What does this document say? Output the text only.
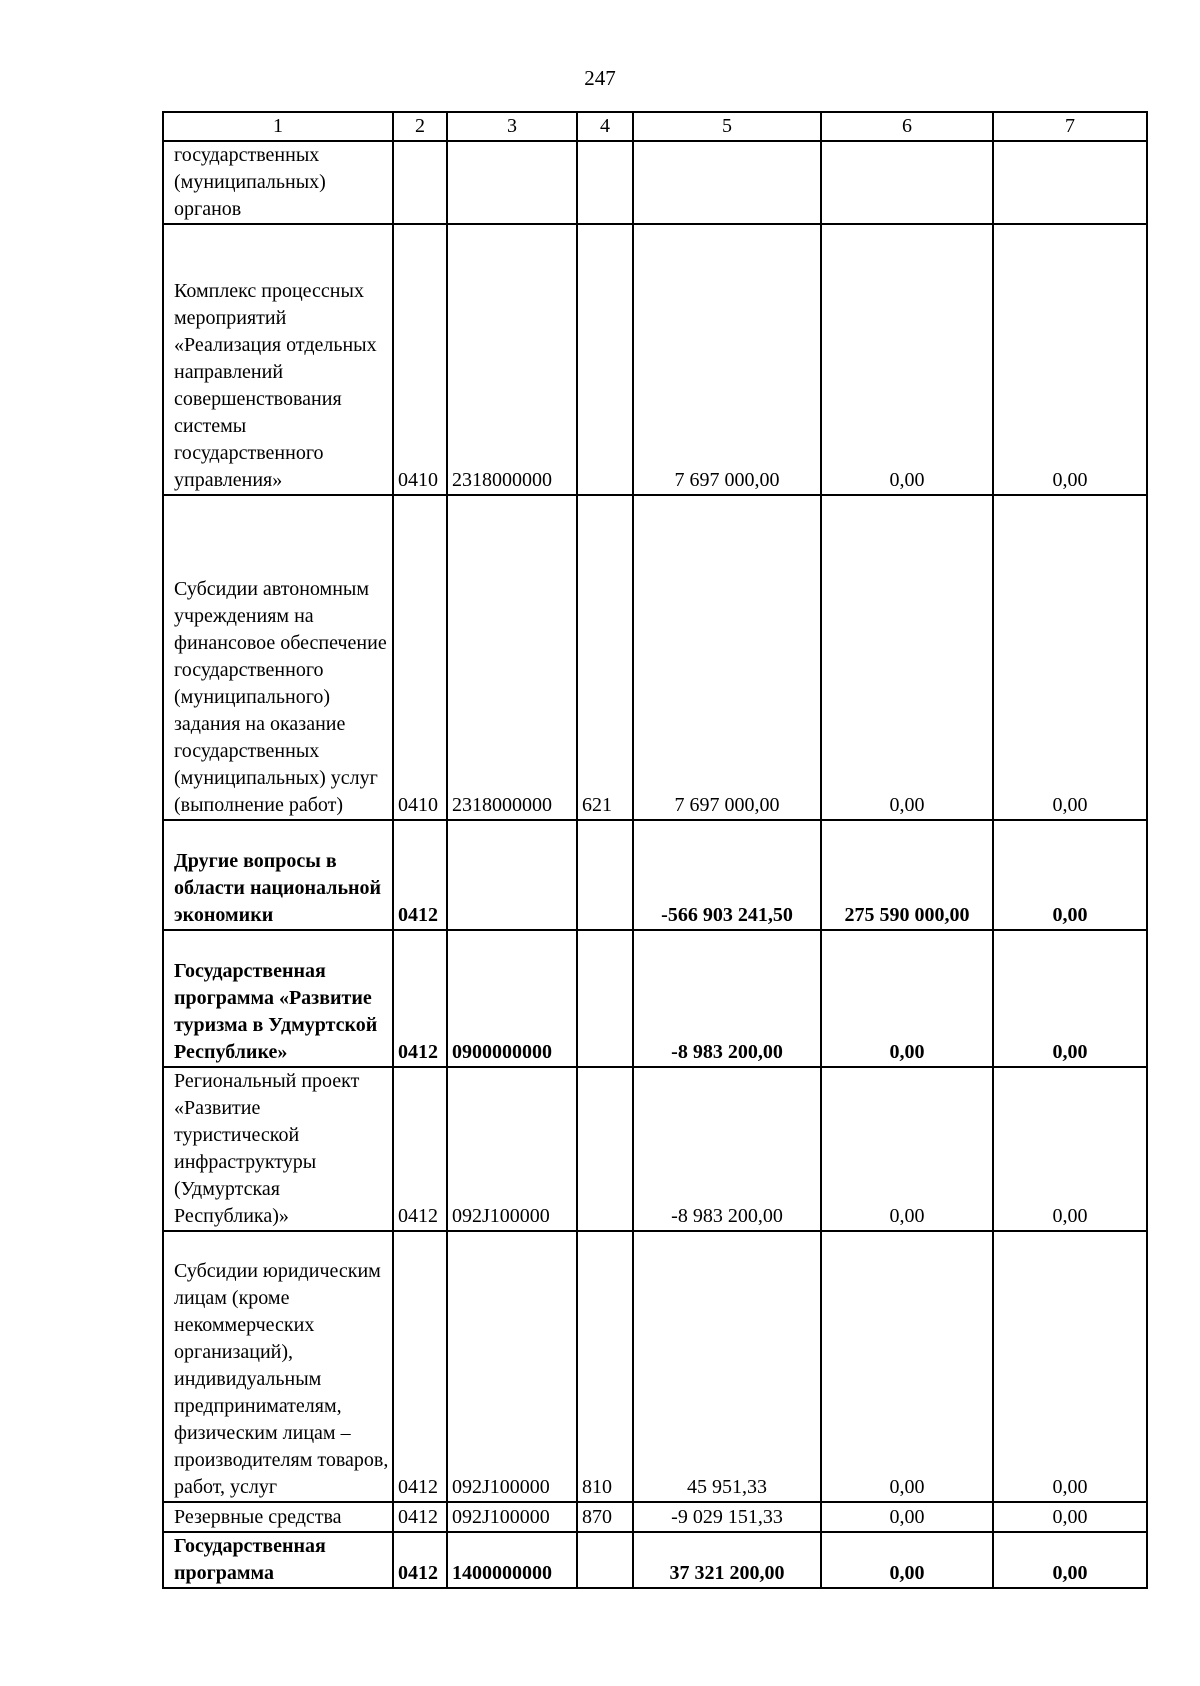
247
1	2	3	4	5	6	7
государственных (муниципальных) органов						
Комплекс процессных мероприятий «Реализация отдельных направлений совершенствования системы государственного управления»	0410	2318000000		7 697 000,00	0,00	0,00
Субсидии автономным учреждениям на финансовое обеспечение государственного (муниципального) задания на оказание государственных (муниципальных) услуг (выполнение работ)	0410	2318000000	621	7 697 000,00	0,00	0,00
Другие вопросы в области национальной экономики	0412			-566 903 241,50	275 590 000,00	0,00
Государственная программа «Развитие туризма в Удмуртской Республике»	0412	0900000000		-8 983 200,00	0,00	0,00
Региональный проект «Развитие туристической инфраструктуры (Удмуртская Республика)»	0412	092J100000		-8 983 200,00	0,00	0,00
Субсидии юридическим лицам (кроме некоммерческих организаций), индивидуальным предпринимателям, физическим лицам – производителям товаров, работ, услуг	0412	092J100000	810	45 951,33	0,00	0,00
Резервные средства	0412	092J100000	870	-9 029 151,33	0,00	0,00
Государственная программа	0412	1400000000		37 321 200,00	0,00	0,00
